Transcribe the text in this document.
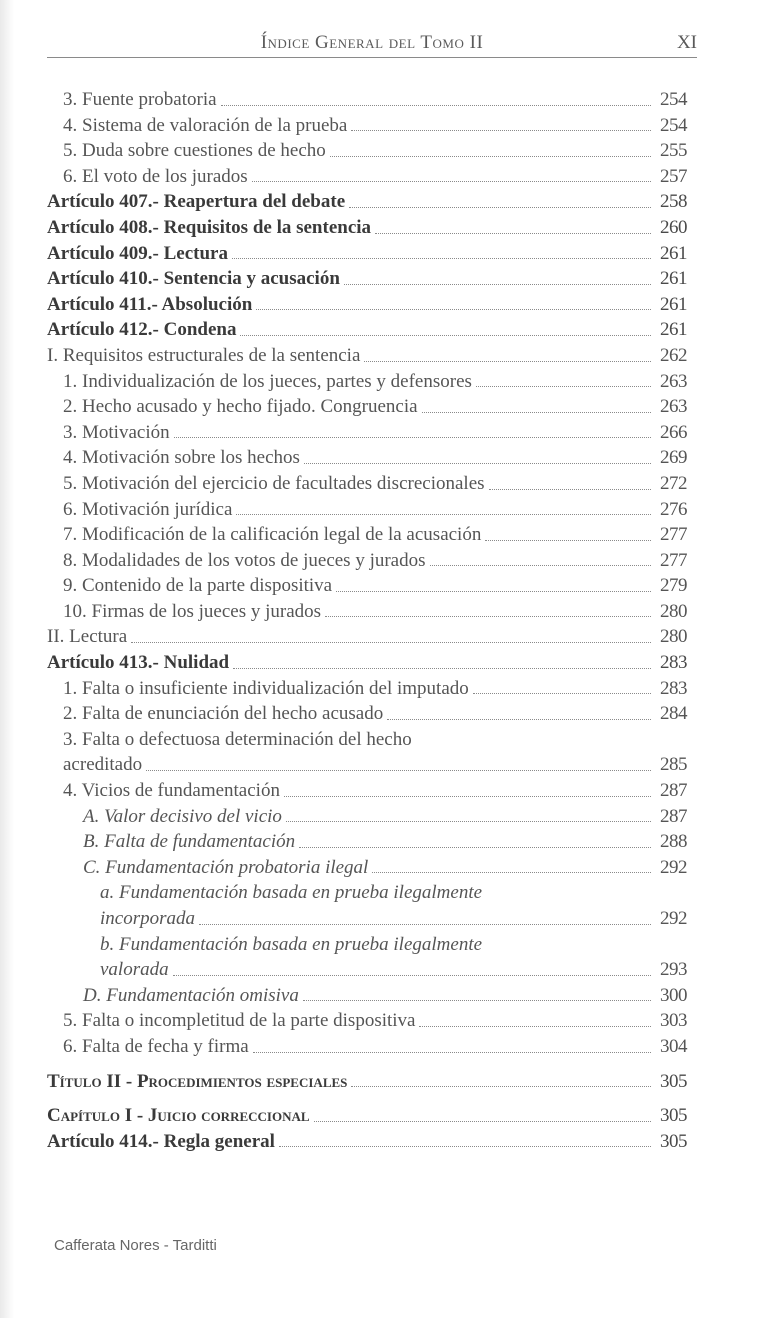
Índice General del Tomo II	XI
3. Fuente probatoria	254
4. Sistema de valoración de la prueba	254
5. Duda sobre cuestiones de hecho	255
6. El voto de los jurados	257
Artículo 407.- Reapertura del debate	258
Artículo 408.- Requisitos de la sentencia	260
Artículo 409.- Lectura	261
Artículo 410.- Sentencia y acusación	261
Artículo 411.- Absolución	261
Artículo 412.- Condena	261
I. Requisitos estructurales de la sentencia	262
1. Individualización de los jueces, partes y defensores	263
2. Hecho acusado y hecho fijado. Congruencia	263
3. Motivación	266
4. Motivación sobre los hechos	269
5. Motivación del ejercicio de facultades discrecionales	272
6. Motivación jurídica	276
7. Modificación de la calificación legal de la acusación	277
8. Modalidades de los votos de jueces y jurados	277
9. Contenido de la parte dispositiva	279
10. Firmas de los jueces y jurados	280
II. Lectura	280
Artículo 413.- Nulidad	283
1. Falta o insuficiente individualización del imputado	283
2. Falta de enunciación del hecho acusado	284
3. Falta o defectuosa determinación del hecho
acreditado	285
4. Vicios de fundamentación	287
A. Valor decisivo del vicio	287
B. Falta de fundamentación	288
C. Fundamentación probatoria ilegal	292
a. Fundamentación basada en prueba ilegalmente
incorporada	292
b. Fundamentación basada en prueba ilegalmente
valorada	293
D. Fundamentación omisiva	300
5. Falta o incompletitud de la parte dispositiva	303
6. Falta de fecha y firma	304
Título II - Procedimientos especiales	305
Capítulo I - Juicio correccional	305
Artículo 414.- Regla general	305
Cafferata Nores - Tarditti
